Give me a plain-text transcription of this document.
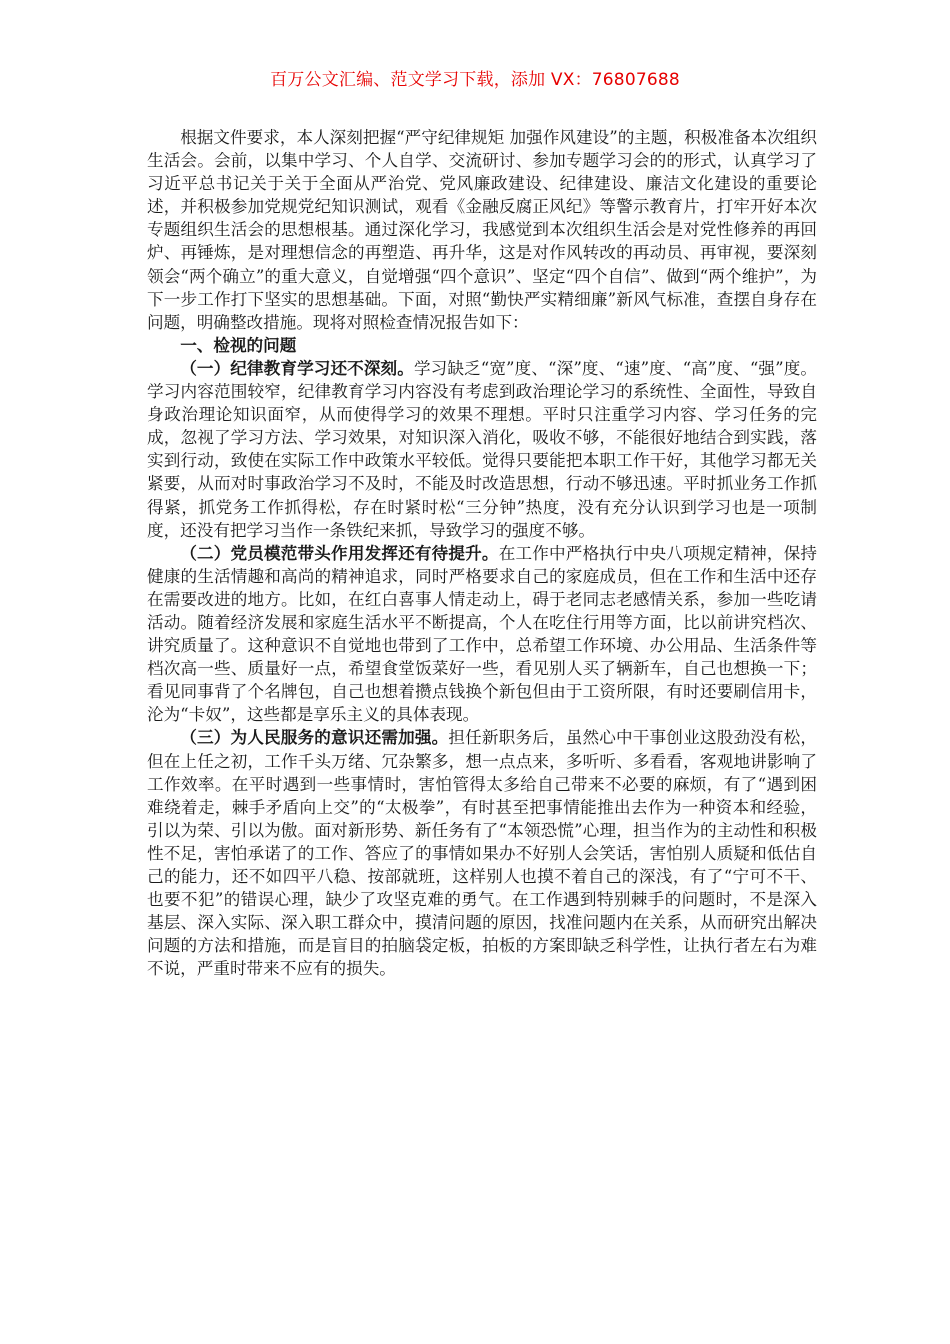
百万公文汇编、范文学习下载，添加 VX：76807688

根据文件要求，本人深刻把握“严守纪律规矩 加强作风建设”的主题，积极准备本次组织生活会。会前，以集中学习、个人自学、交流研讨、参加专题学习会的的形式，认真学习了习近平总书记关于关于全面从严治党、党风廉政建设、纪律建设、廉洁文化建设的重要论述，并积极参加党规党纪知识测试，观看《金融反腐正风纪》等警示教育片，打牢开好本次专题组织生活会的思想根基。通过深化学习，我感觉到本次组织生活会是对党性修养的再回炉、再锤炼，是对理想信念的再塑造、再升华，这是对作风转改的再动员、再审视，要深刻领会“两个确立”的重大意义，自觉增强“四个意识”、坚定“四个自信”、做到“两个维护”，为下一步工作打下坚实的思想基础。下面，对照“勤快严实精细廉”新风气标准，查摆自身存在问题，明确整改措施。现将对照检查情况报告如下：

一、检视的问题

（一）纪律教育学习还不深刻。学习缺乏“宽”度、“深”度、“速”度、“高”度、“强”度。学习内容范围较窄，纪律教育学习内容没有考虑到政治理论学习的系统性、全面性，导致自身政治理论知识面窄，从而使得学习的效果不理想。平时只注重学习内容、学习任务的完成，忽视了学习方法、学习效果，对知识深入消化，吸收不够，不能很好地结合到实践，落实到行动，致使在实际工作中政策水平较低。觉得只要能把本职工作干好，其他学习都无关紧要，从而对时事政治学习不及时，不能及时改造思想，行动不够迅速。平时抓业务工作抓得紧，抓党务工作抓得松，存在时紧时松“三分钟”热度，没有充分认识到学习也是一项制度，还没有把学习当作一条铁纪来抓，导致学习的强度不够。

（二）党员模范带头作用发挥还有待提升。在工作中严格执行中央八项规定精神，保持健康的生活情趣和高尚的精神追求，同时严格要求自己的家庭成员，但在工作和生活中还存在需要改进的地方。比如，在红白喜事人情走动上，碍于老同志老感情关系，参加一些吃请活动。随着经济发展和家庭生活水平不断提高，个人在吃住行用等方面，比以前讲究档次、讲究质量了。这种意识不自觉地也带到了工作中，总希望工作环境、办公用品、生活条件等档次高一些、质量好一点，希望食堂饭菜好一些，看见别人买了辆新车，自己也想换一下；看见同事背了个名牌包，自己也想着攒点钱换个新包但由于工资所限，有时还要刷信用卡，沦为“卡奴”，这些都是享乐主义的具体表现。

（三）为人民服务的意识还需加强。担任新职务后，虽然心中干事创业这股劲没有松，但在上任之初，工作千头万绪、冗杂繁多，想一点点来，多听听、多看看，客观地讲影响了工作效率。在平时遇到一些事情时，害怕管得太多给自己带来不必要的麻烦，有了“遇到困难绕着走，棘手矛盾向上交”的“太极拳”，有时甚至把事情能推出去作为一种资本和经验，引以为荣、引以为傲。面对新形势、新任务有了“本领恐慌”心理，担当作为的主动性和积极性不足，害怕承诺了的工作、答应了的事情如果办不好别人会笑话，害怕别人质疑和低估自己的能力，还不如四平八稳、按部就班，这样别人也摸不着自己的深浅，有了“宁可不干、也要不犯”的错误心理，缺少了攻坚克难的勇气。在工作遇到特别棘手的问题时，不是深入基层、深入实际、深入职工群众中，摸清问题的原因，找准问题内在关系，从而研究出解决问题的方法和措施，而是盲目的拍脑袋定板，拍板的方案即缺乏科学性，让执行者左右为难不说，严重时带来不应有的损失。
